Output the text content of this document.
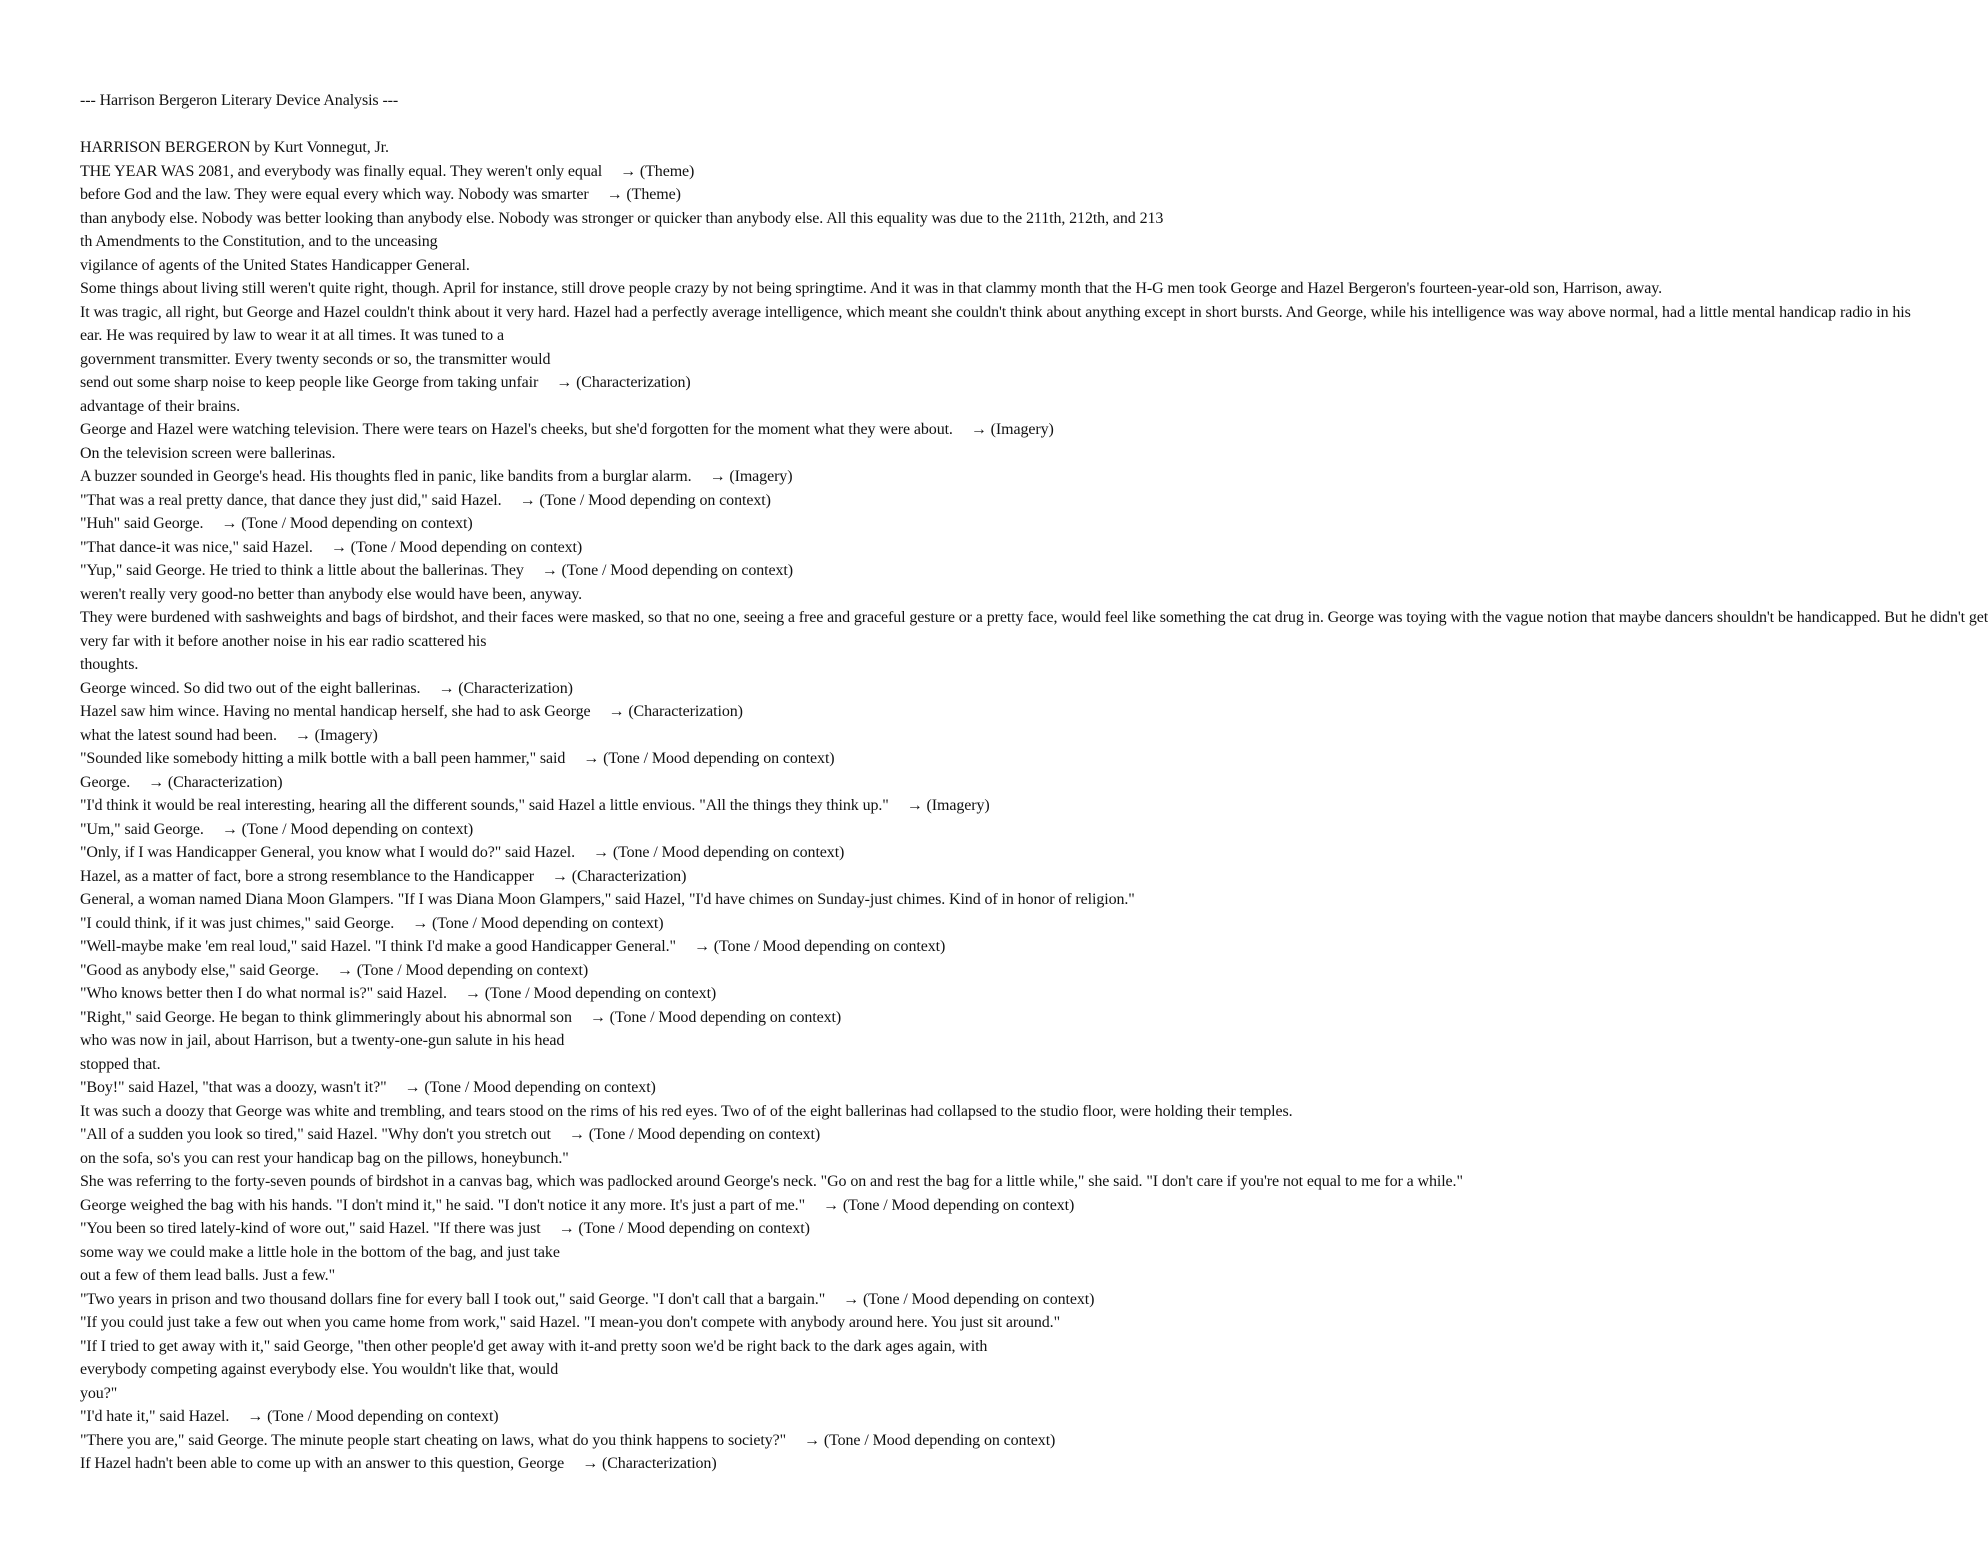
--- Harrison Bergeron Literary Device Analysis ---
HARRISON BERGERON by Kurt Vonnegut, Jr.
THE YEAR WAS 2081, and everybody was finally equal. They weren't only equal → (Theme)
before God and the law. They were equal every which way. Nobody was smarter → (Theme)
than anybody else. Nobody was better looking than anybody else. Nobody was stronger or quicker than anybody else. All this equality was due to the 211th, 212th, and 213
th Amendments to the Constitution, and to the unceasing
vigilance of agents of the United States Handicapper General.
Some things about living still weren't quite right, though. April for instance, still drove people crazy by not being springtime. And it was in that clammy month that the H-G men took George and Hazel Bergeron's fourteen-year-old son, Harrison, away.
It was tragic, all right, but George and Hazel couldn't think about it very hard. Hazel had a perfectly average intelligence, which meant she couldn't think about anything except in short bursts. And George, while his intelligence was way above normal, had a little mental handicap radio in his
ear. He was required by law to wear it at all times. It was tuned to a
government transmitter. Every twenty seconds or so, the transmitter would
send out some sharp noise to keep people like George from taking unfair → (Characterization)
advantage of their brains.
George and Hazel were watching television. There were tears on Hazel's cheeks, but she'd forgotten for the moment what they were about. → (Imagery)
On the television screen were ballerinas.
A buzzer sounded in George's head. His thoughts fled in panic, like bandits from a burglar alarm. → (Imagery)
"That was a real pretty dance, that dance they just did," said Hazel. → (Tone / Mood depending on context)
"Huh" said George. → (Tone / Mood depending on context)
"That dance-it was nice," said Hazel. → (Tone / Mood depending on context)
"Yup," said George. He tried to think a little about the ballerinas. They → (Tone / Mood depending on context)
weren't really very good-no better than anybody else would have been, anyway.
They were burdened with sashweights and bags of birdshot, and their faces were masked, so that no one, seeing a free and graceful gesture or a pretty face, would feel like something the cat drug in. George was toying with the vague notion that maybe dancers shouldn't be handicapped. But he didn't get
very far with it before another noise in his ear radio scattered his
thoughts.
George winced. So did two out of the eight ballerinas. → (Characterization)
Hazel saw him wince. Having no mental handicap herself, she had to ask George → (Characterization)
what the latest sound had been. → (Imagery)
"Sounded like somebody hitting a milk bottle with a ball peen hammer," said → (Tone / Mood depending on context)
George. → (Characterization)
"I'd think it would be real interesting, hearing all the different sounds," said Hazel a little envious. "All the things they think up." → (Imagery)
"Um," said George. → (Tone / Mood depending on context)
"Only, if I was Handicapper General, you know what I would do?" said Hazel. → (Tone / Mood depending on context)
Hazel, as a matter of fact, bore a strong resemblance to the Handicapper → (Characterization)
General, a woman named Diana Moon Glampers. "If I was Diana Moon Glampers," said Hazel, "I'd have chimes on Sunday-just chimes. Kind of in honor of religion."
"I could think, if it was just chimes," said George. → (Tone / Mood depending on context)
"Well-maybe make 'em real loud," said Hazel. "I think I'd make a good Handicapper General." → (Tone / Mood depending on context)
"Good as anybody else," said George. → (Tone / Mood depending on context)
"Who knows better then I do what normal is?" said Hazel. → (Tone / Mood depending on context)
"Right," said George. He began to think glimmeringly about his abnormal son → (Tone / Mood depending on context)
who was now in jail, about Harrison, but a twenty-one-gun salute in his head
stopped that.
"Boy!" said Hazel, "that was a doozy, wasn't it?" → (Tone / Mood depending on context)
It was such a doozy that George was white and trembling, and tears stood on the rims of his red eyes. Two of of the eight ballerinas had collapsed to the studio floor, were holding their temples.
"All of a sudden you look so tired," said Hazel. "Why don't you stretch out → (Tone / Mood depending on context)
on the sofa, so's you can rest your handicap bag on the pillows, honeybunch."
She was referring to the forty-seven pounds of birdshot in a canvas bag, which was padlocked around George's neck. "Go on and rest the bag for a little while," she said. "I don't care if you're not equal to me for a while."
George weighed the bag with his hands. "I don't mind it," he said. "I don't notice it any more. It's just a part of me." → (Tone / Mood depending on context)
"You been so tired lately-kind of wore out," said Hazel. "If there was just → (Tone / Mood depending on context)
some way we could make a little hole in the bottom of the bag, and just take
out a few of them lead balls. Just a few."
"Two years in prison and two thousand dollars fine for every ball I took out," said George. "I don't call that a bargain." → (Tone / Mood depending on context)
"If you could just take a few out when you came home from work," said Hazel. "I mean-you don't compete with anybody around here. You just sit around."
"If I tried to get away with it," said George, "then other people'd get away with it-and pretty soon we'd be right back to the dark ages again, with
everybody competing against everybody else. You wouldn't like that, would
you?"
"I'd hate it," said Hazel. → (Tone / Mood depending on context)
"There you are," said George. The minute people start cheating on laws, what do you think happens to society?" → (Tone / Mood depending on context)
If Hazel hadn't been able to come up with an answer to this question, George → (Characterization)
